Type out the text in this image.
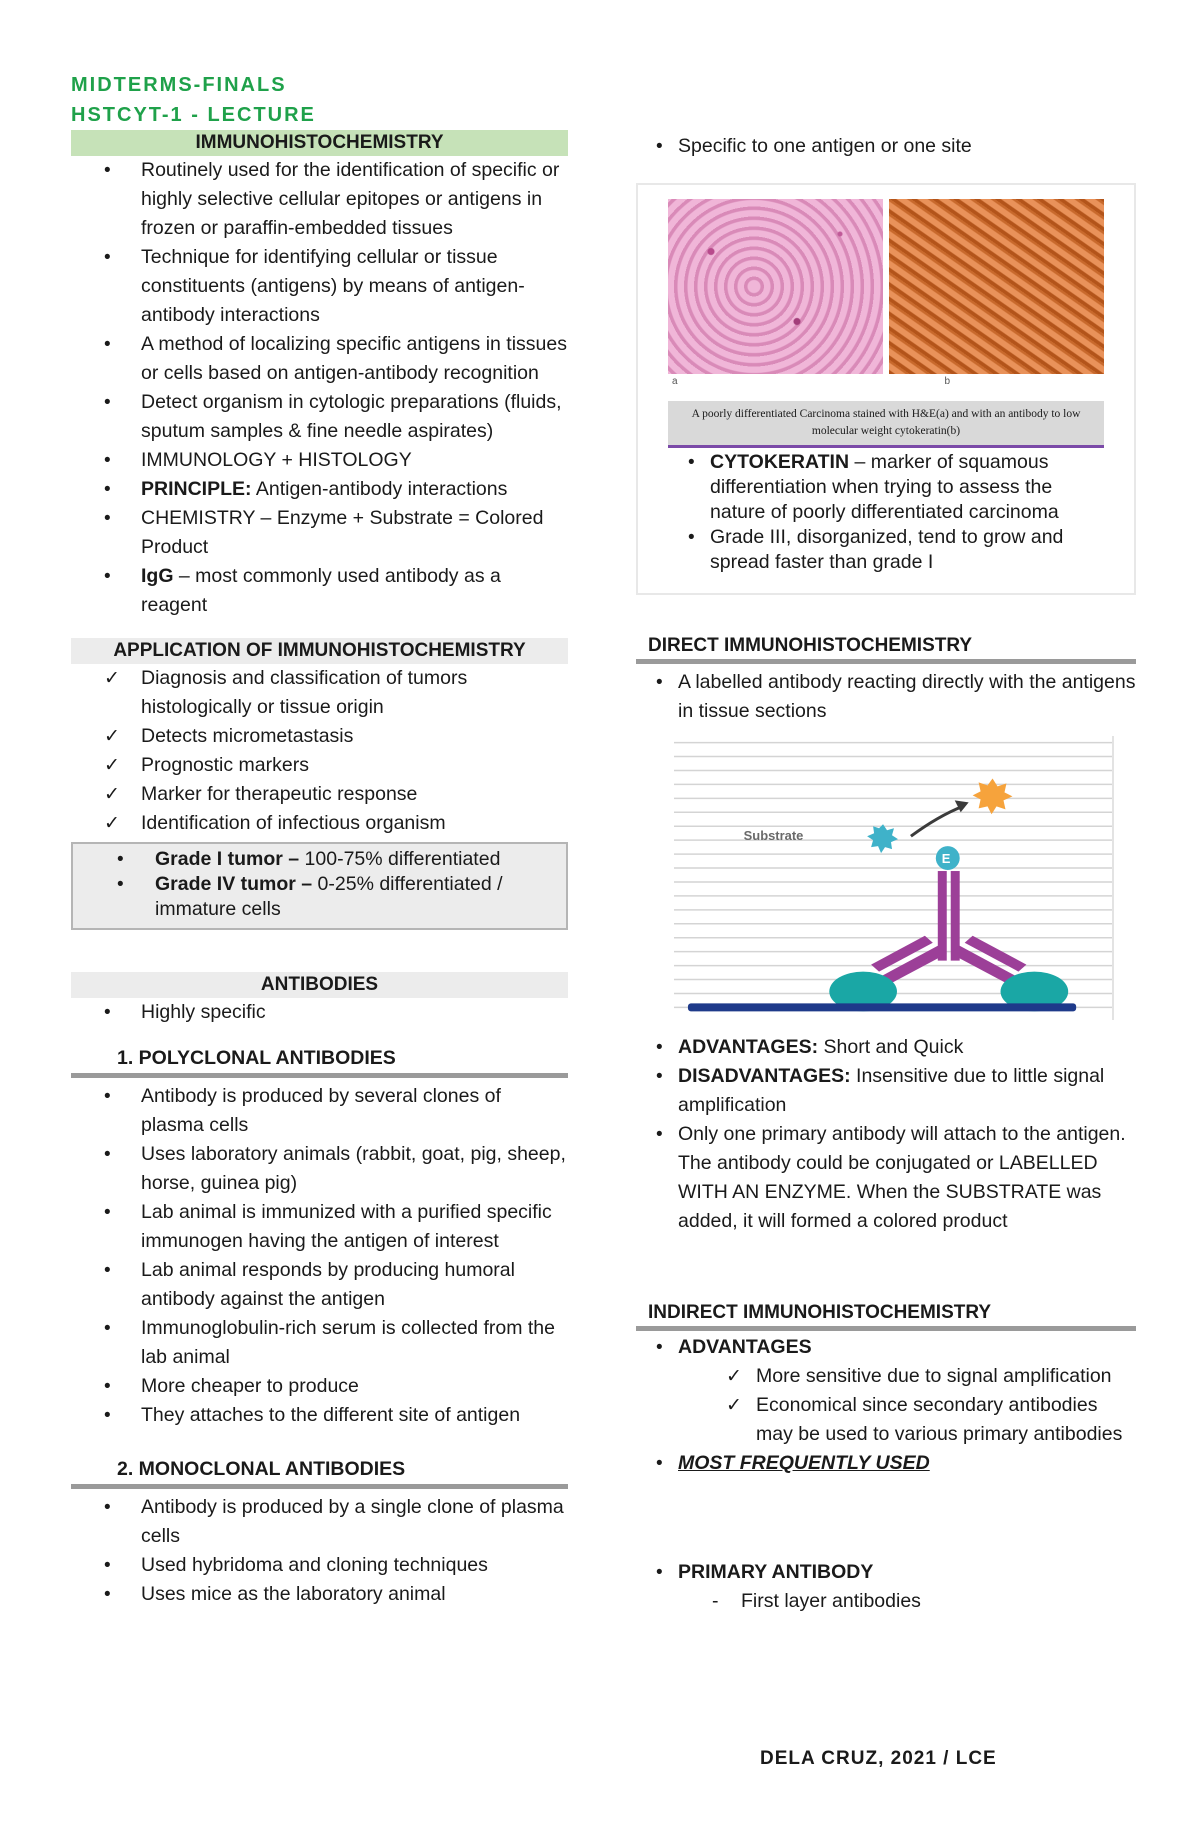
MIDTERMS-FINALS
HSTCYT-1 - LECTURE
IMMUNOHISTOCHEMISTRY
• Routinely used for the identification of specific or highly selective cellular epitopes or antigens in frozen or paraffin-embedded tissues
• Technique for identifying cellular or tissue constituents (antigens) by means of antigen-antibody interactions
• A method of localizing specific antigens in tissues or cells based on antigen-antibody recognition
• Detect organism in cytologic preparations (fluids, sputum samples & fine needle aspirates)
• IMMUNOLOGY + HISTOLOGY
• PRINCIPLE: Antigen-antibody interactions
• CHEMISTRY – Enzyme + Substrate = Colored Product
• IgG – most commonly used antibody as a reagent
APPLICATION OF IMMUNOHISTOCHEMISTRY
✓ Diagnosis and classification of tumors histologically or tissue origin
✓ Detects micrometastasis
✓ Prognostic markers
✓ Marker for therapeutic response
✓ Identification of infectious organism
• Grade I tumor – 100-75% differentiated
• Grade IV tumor – 0-25% differentiated / immature cells
ANTIBODIES
• Highly specific
1. POLYCLONAL ANTIBODIES
• Antibody is produced by several clones of plasma cells
• Uses laboratory animals (rabbit, goat, pig, sheep, horse, guinea pig)
• Lab animal is immunized with a purified specific immunogen having the antigen of interest
• Lab animal responds by producing humoral antibody against the antigen
• Immunoglobulin-rich serum is collected from the lab animal
• More cheaper to produce
• They attaches to the different site of antigen
2. MONOCLONAL ANTIBODIES
• Antibody is produced by a single clone of plasma cells
• Used hybridoma and cloning techniques
• Uses mice as the laboratory animal
• Specific to one antigen or one site
a	b
A poorly differentiated Carcinoma stained with H&E(a) and with an antibody to low molecular weight cytokeratin(b)
• CYTOKERATIN – marker of squamous differentiation when trying to assess the nature of poorly differentiated carcinoma
• Grade III, disorganized, tend to grow and spread faster than grade I
DIRECT IMMUNOHISTOCHEMISTRY
• A labelled antibody reacting directly with the antigens in tissue sections
Substrate
E
• ADVANTAGES: Short and Quick
• DISADVANTAGES: Insensitive due to little signal amplification
• Only one primary antibody will attach to the antigen. The antibody could be conjugated or LABELLED WITH AN ENZYME. When the SUBSTRATE was added, it will formed a colored product
INDIRECT IMMUNOHISTOCHEMISTRY
• ADVANTAGES
✓ More sensitive due to signal amplification
✓ Economical since secondary antibodies may be used to various primary antibodies
• MOST FREQUENTLY USED
• PRIMARY ANTIBODY
- First layer antibodies
DELA CRUZ, 2021 / LCE
